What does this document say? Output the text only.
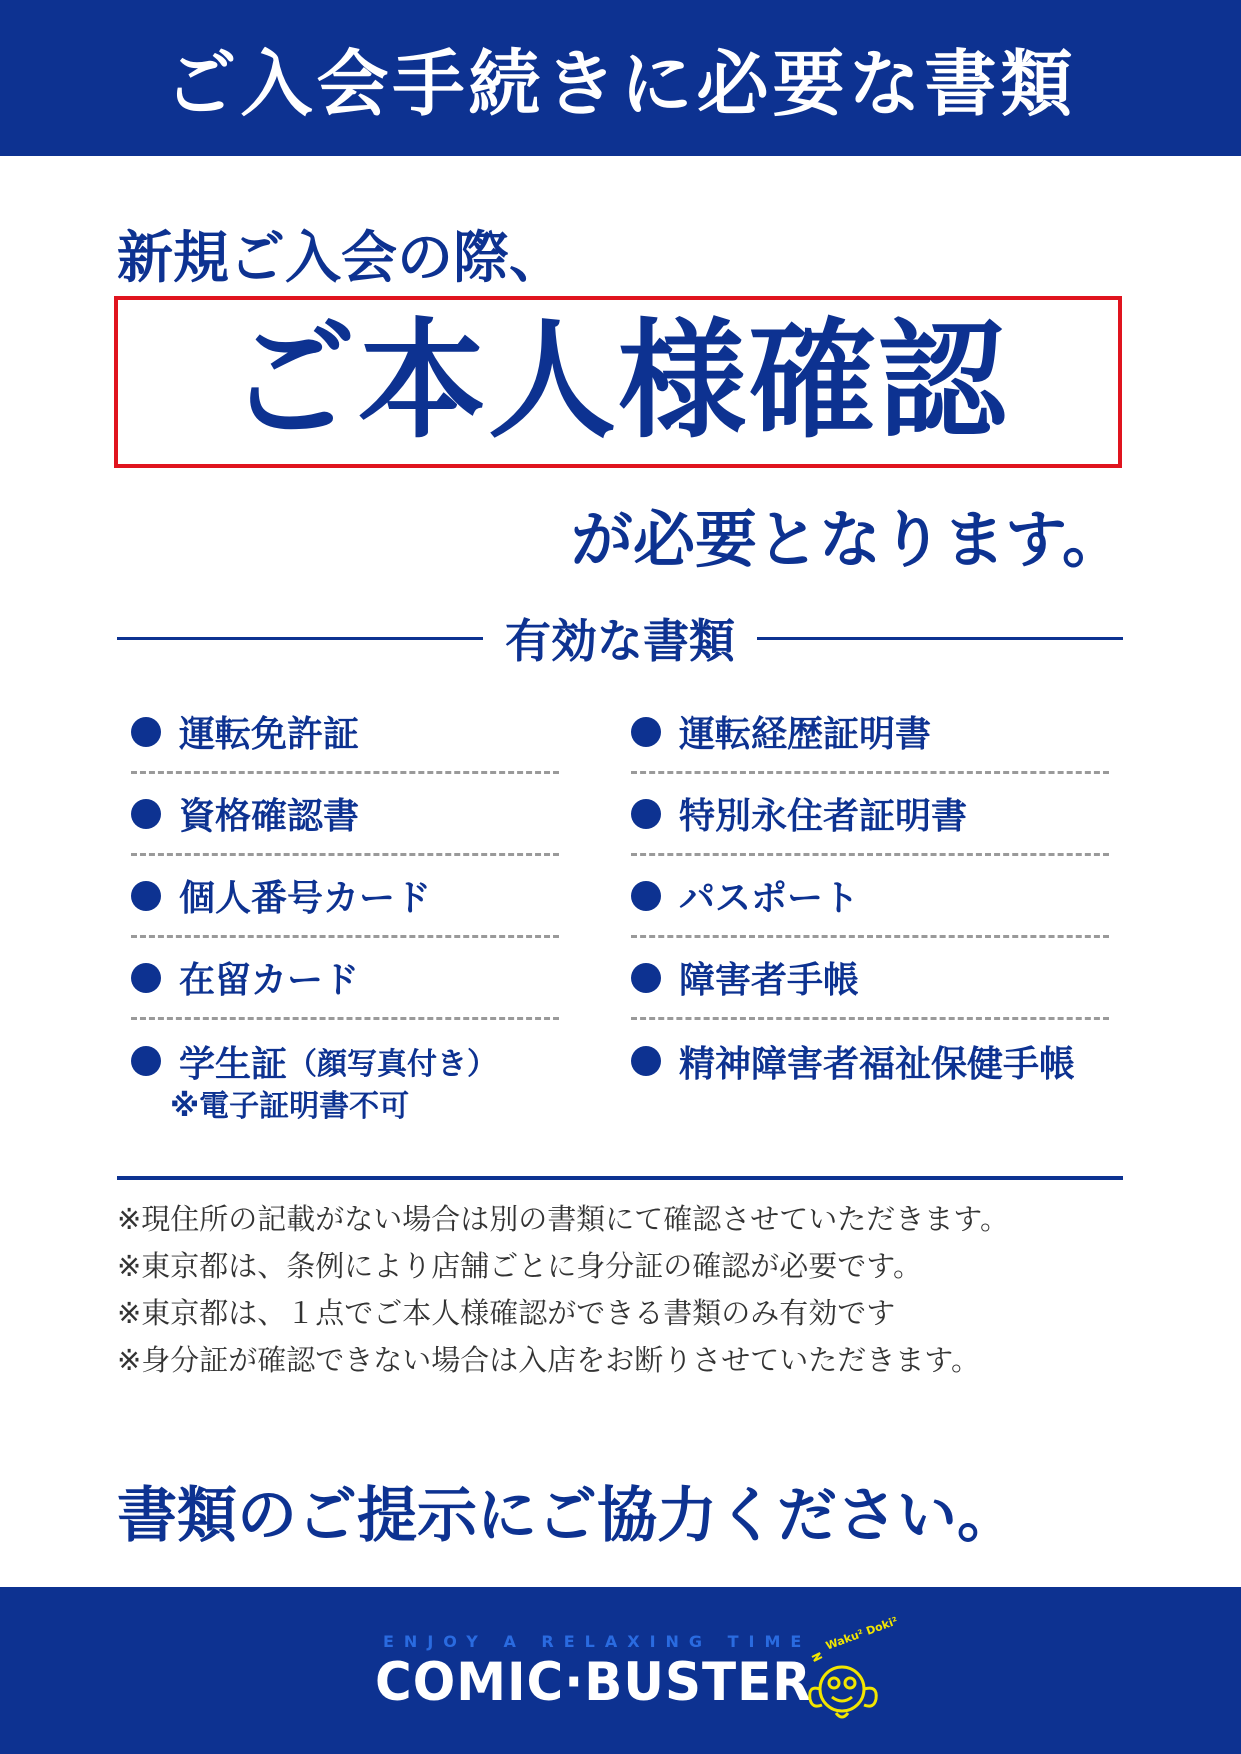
ご入会手続きに必要な書類
新規ご入会の際、
ご本人様確認
が必要となります。
有効な書類
運転免許証
資格確認書
個人番号カード
在留カード
学生証 （顔写真付き）
※電子証明書不可
運転経歴証明書
特別永住者証明書
パスポート
障害者手帳
精神障害者福祉保健手帳
※現住所の記載がない場合は別の書類にて確認させていただきます。
※東京都は、条例により店舗ごとに身分証の確認が必要です。
※東京都は、１点でご本人様確認ができる書類のみ有効です
※身分証が確認できない場合は入店をお断りさせていただきます。
書類のご提示にご協力ください。
ENJOY A RELAXING TIME
COMIC·BUSTER
Waku² Doki²
